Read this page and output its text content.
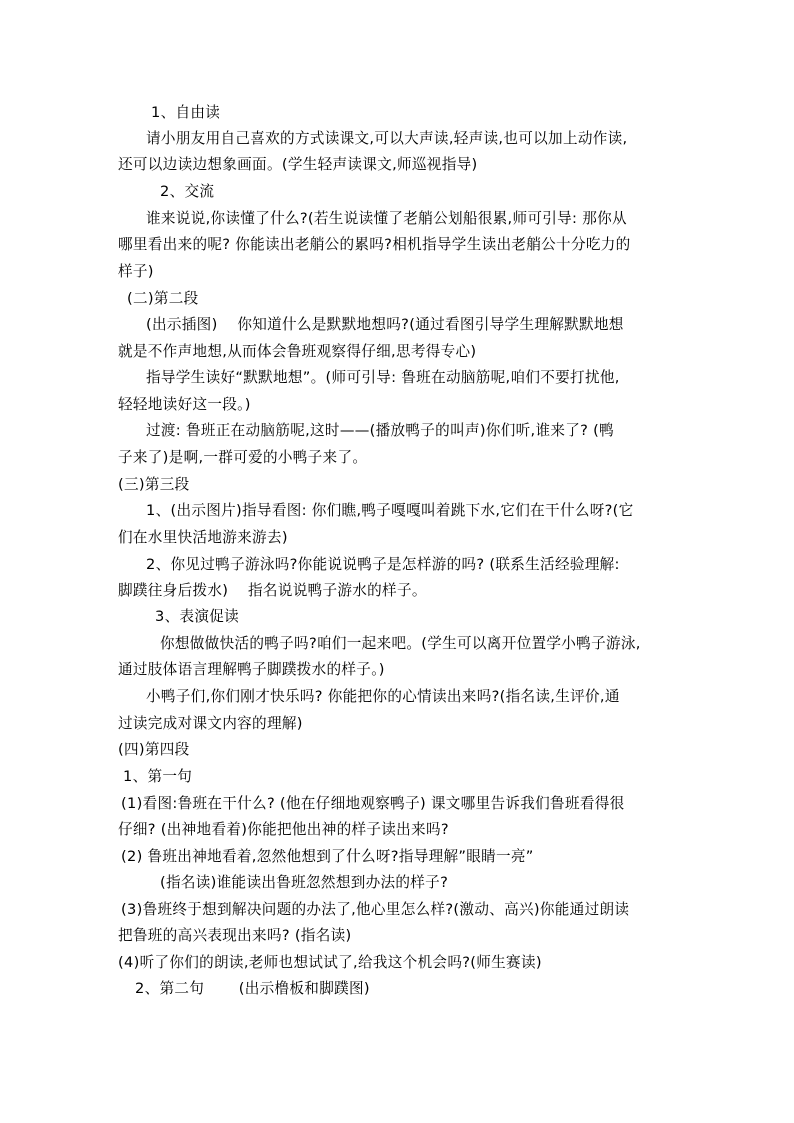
1、自由读
请小朋友用自己喜欢的方式读课文,可以大声读,轻声读,也可以加上动作读,
还可以边读边想象画面。(学生轻声读课文,师巡视指导)
2、交流
谁来说说,你读懂了什么?(若生说读懂了老艄公划船很累,师可引导: 那你从
哪里看出来的呢? 你能读出老艄公的累吗?相机指导学生读出老艄公十分吃力的
样子)
(二)第二段
(出示插图)    你知道什么是默默地想吗?(通过看图引导学生理解默默地想
就是不作声地想,从而体会鲁班观察得仔细,思考得专心)
指导学生读好“默默地想”。(师可引导: 鲁班在动脑筋呢,咱们不要打扰他,
轻轻地读好这一段。)
过渡: 鲁班正在动脑筋呢,这时——(播放鸭子的叫声)你们听,谁来了? (鸭
子来了)是啊,一群可爱的小鸭子来了。
(三)第三段
1、(出示图片)指导看图: 你们瞧,鸭子嘎嘎叫着跳下水,它们在干什么呀?(它
们在水里快活地游来游去)
2、你见过鸭子游泳吗?你能说说鸭子是怎样游的吗? (联系生活经验理解:
脚蹼往身后拨水)    指名说说鸭子游水的样子。
3、表演促读
你想做做快活的鸭子吗?咱们一起来吧。(学生可以离开位置学小鸭子游泳,
通过肢体语言理解鸭子脚蹼拨水的样子。)
小鸭子们,你们刚才快乐吗? 你能把你的心情读出来吗?(指名读,生评价,通
过读完成对课文内容的理解)
(四)第四段
1、第一句
(1)看图:鲁班在干什么? (他在仔细地观察鸭子) 课文哪里告诉我们鲁班看得很
仔细? (出神地看着)你能把他出神的样子读出来吗?
(2) 鲁班出神地看着,忽然他想到了什么呀?指导理解”眼睛一亮”
(指名读)谁能读出鲁班忽然想到办法的样子?
(3)鲁班终于想到解决问题的办法了,他心里怎么样?(激动、高兴)你能通过朗读
把鲁班的高兴表现出来吗? (指名读)
(4)听了你们的朗读,老师也想试试了,给我这个机会吗?(师生赛读)
2、第二句       (出示橹板和脚蹼图)
